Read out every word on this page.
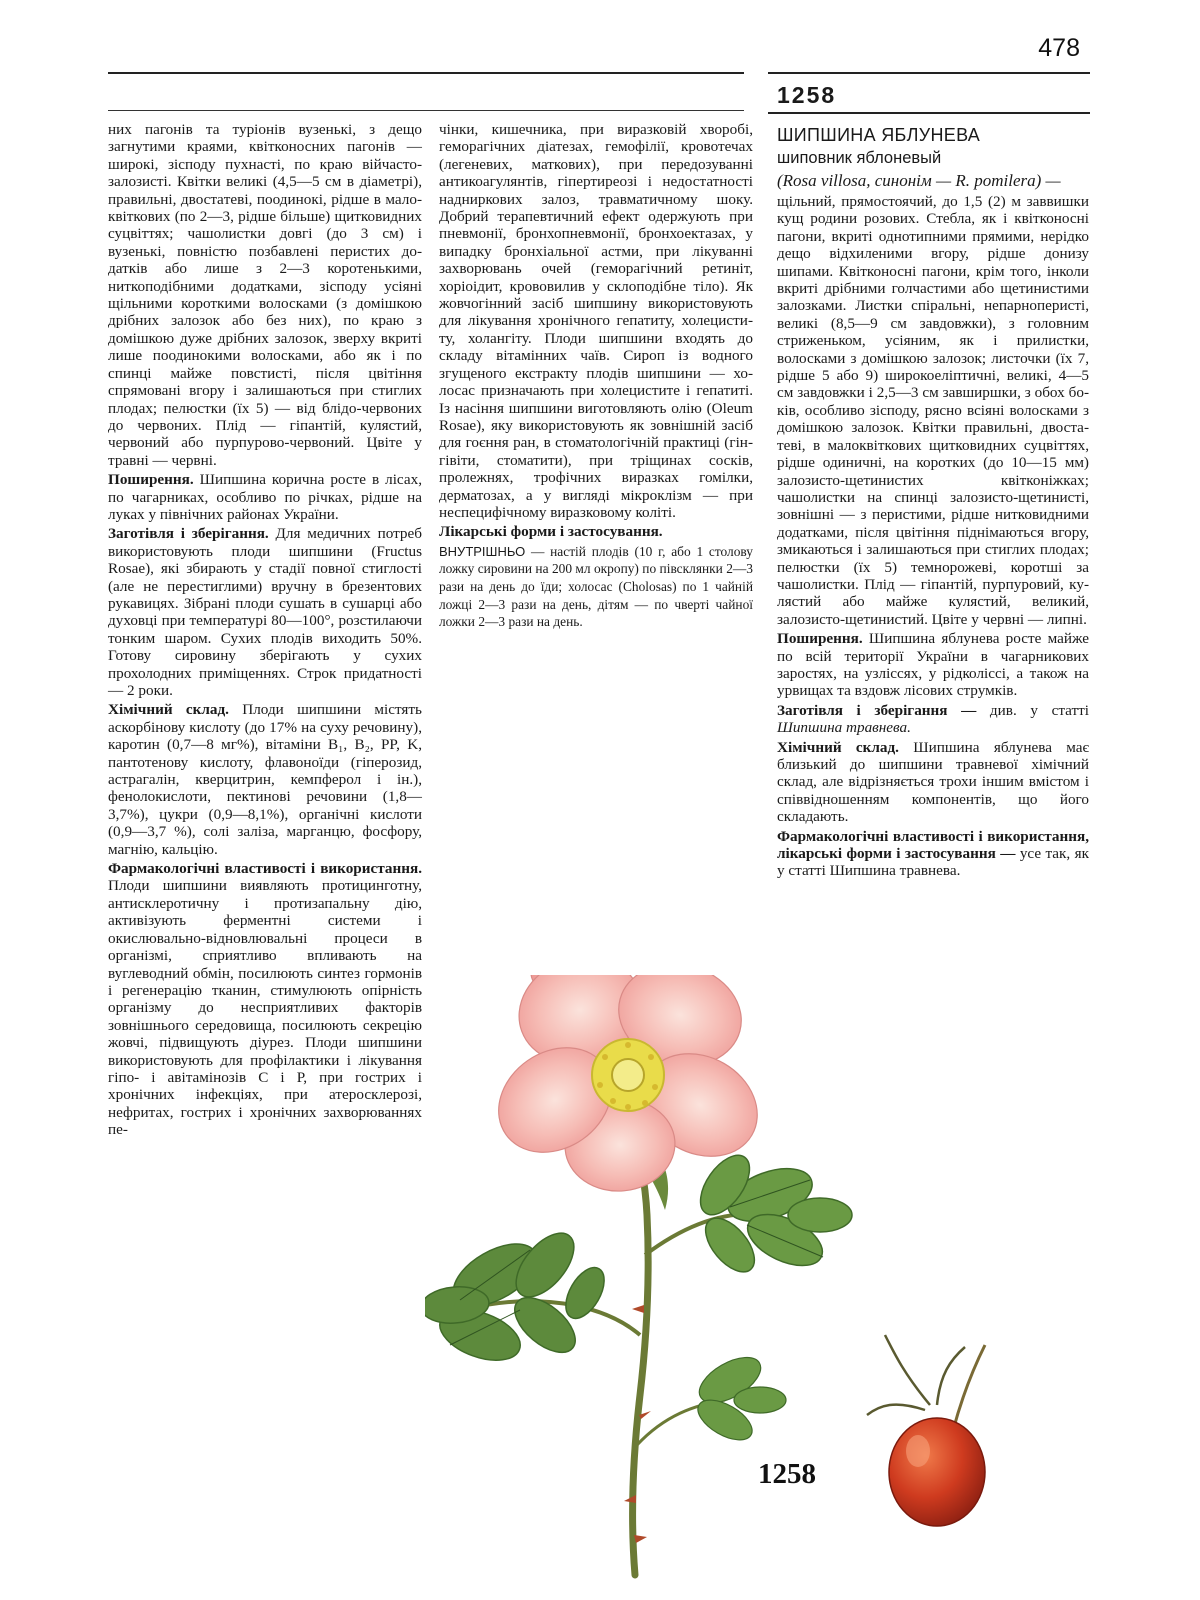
478
1258

них пагонів та туріонів вузенькі, з дещо загнутими краями, квітконосних пагонів — широкі, зісподу пухнасті, по краю війчастозалозисті. Квітки великі (4,5—5 см в діаметрі), правильні, двостaтеві, поодинокі, рідше в малоквіткових (по 2—3, рідше більше) щитковидних суцвіттях; чашолистки довгі (до 3 см) і вузенькі, повністю позбавлені перистих додатків або лише з 2—3 коротенькими, ниткоподібними додатками, зісподу усіяні щільними короткими волосками (з домішкою дрібних залозок або без них), по краю з домішкою дуже дрібних залозок, зверху вкриті лише поодинокими волосками, або як і по спинці майже повстисті, після цвітіння спрямовані вгору і залишаються при стиглих плодах; пелюстки (їх 5) — від блідо-червоних до червоних. Плід — гіпантій, кулястий, червоний або пурпурово-червоний. Цвіте у травні — червні.

Поширення. Шипшина корична росте в лісах, по чагарниках, особливо по річках, рідше на луках у північних районах України.

Заготівля і зберігання. Для медичних потреб використовують плоди шипшини (Fructus Rosae), які збирають у стадії повної стиглості (але не перестиглими) вручну в брезентових рукавицях. Зібрані плоди сушать в сушарці або духовці при температурі 80—100°, розстилаючи тонким шаром. Сухих плодів виходить 50%. Готову сировину зберігають у сухих прохолодних приміщеннях. Строк придатності — 2 роки.

Хімічний склад. Плоди шипшини містять аскорбінову кислоту (до 17% на суху речовину), каротин (0,7—8 мг%), вітаміни B₁, B₂, PP, K, пантотенову кислоту, флавоноїди (гіперозид, астрагалін, кверцитрин, кемпферол і ін.), фенолокислоти, пектинові речовини (1,8—3,7%), цукри (0,9—8,1%), органічні кислоти (0,9—3,7 %), солі заліза, марганцю, фосфору, магнію, кальцію.

Фармакологічні властивості і використання. Плоди шипшини виявляють протицинготну, антисклеротичну і протизапальну дію, активізують ферментні системи і окислювально-відновлювальні процеси в організмі, сприятливо впливають на вуглеводний обмін, посилюють синтез гормонів і регенерацію тканин, стимулюють опірність організму до несприятливих факторів зовнішнього середовища, посилюють секрецію жовчі, підвищують діурез. Плоди шипшини використовують для профілактики і лікування гіпо- і авітамінозів С і Р, при гострих і хронічних інфекціях, при атеросклерозі, нефритах, гострих і хронічних захворюваннях пе-

чінки, кишечника, при виразковій хворобі, геморагічних діатезах, гемофілії, кровотечах (легеневих, маткових), при передозуванні антикоагулянтів, гіпертиреозі і недостатності надниркових залоз, травматичному шоку. Добрий терапевтичний ефект одержують при пневмонії, бронхопневмонії, бронхоектазах, у випадку бронхіальної астми, при лікуванні захворювань очей (гемоpагічний ретиніт, хоріоідит, крововилив у склоподібне тіло). Як жовчогінний засіб шипшину використовують для лікування хронічного гепатиту, холециститу, холангіту. Плоди шипшини входять до складу вітамінних чаїв. Сироп із водного згущеного екстракту плодів шипшини — холосас призначають при холецистите і гепатиті. Із насіння шипшини виготовляють олію (Oleum Rosae), яку використовують як зовнішній засіб для гоєння ран, в стоматологічній практиці (гінгівіти, стоматити), при тріщинах сосків, пролежнях, трофічних виразках гомілки, дерматозах, а у вигляді мікроклізм — при неспецифічному виразковому коліті.

Лікарські форми і застосування.

ВНУТРІШНЬО — настій плодів (10 г, або 1 столову ложку сировини на 200 мл окропу) по півсклянки 2—3 рази на день до їди; холосас (Cholosas) по 1 чайній ложці 2—3 рази на день, дітям — по чверті чайної ложки 2—3 рази на день.

ШИПШИНА ЯБЛУНЕВА

шиповник яблоневый

(Rosa villosa, синонім — R. pomilera) —

щільний, прямостоячий, до 1,5 (2) м заввишки кущ родини розових. Стебла, як і квітконосні пагони, вкриті однотипними прямими, нерідко дещо відхиленими вгору, рідше донизу шипами. Квітконосні пагони, крім того, інколи вкриті дрібними голчастими або щетинистими залозками. Листки спіральні, непарноперисті, великі (8,5—9 см завдовжки), з головним стриженьком, усіяним, як і прилистки, волосками з домішкою залозок; листочки (їх 7, рідше 5 або 9) широкоеліптичні, великі, 4—5 см завдовжки і 2,5—3 см завширшки, з обох боків, особливо зісподу, рясно всіяні волосками з домішкою залозок. Квітки правильні, двостатеві, в малоквіткових щитковидних суцвіттях, рідше одиничні, на коротких (до 10—15 мм) залозисто-щетинистих квітконіжках; чашолистки на спинці залозисто-щетинисті, зовнішні — з перистими, рідше нитковидними додатками, після цвітіння піднімаються вгору, змикаються і залишаються при стиглих плодах; пелюстки (їх 5) темнорожеві, коротші за чашолистки. Плід — гіпантій, пурпуровий, кулястий або майже кулястий, великий, залозисто-щетинистий. Цвіте у червні — липні.

Поширення. Шипшина яблунева росте майже по всій території України в чагарникових заростях, на узліссях, у рідколіссі, а також на урвищах та вздовж лісових струмків.

Заготівля і зберігання — див. у статті Шипшина травнева.

Хімічний склад. Шипшина яблунева має близький до шипшини травневої хімічний склад, але відрізняється трохи іншим вмістом і співвідношенням компонентів, що його складають.

Фармакологічні властивості і використання, лікарські форми і застосування — усе так, як у статті Шипшина травнева.

1258
